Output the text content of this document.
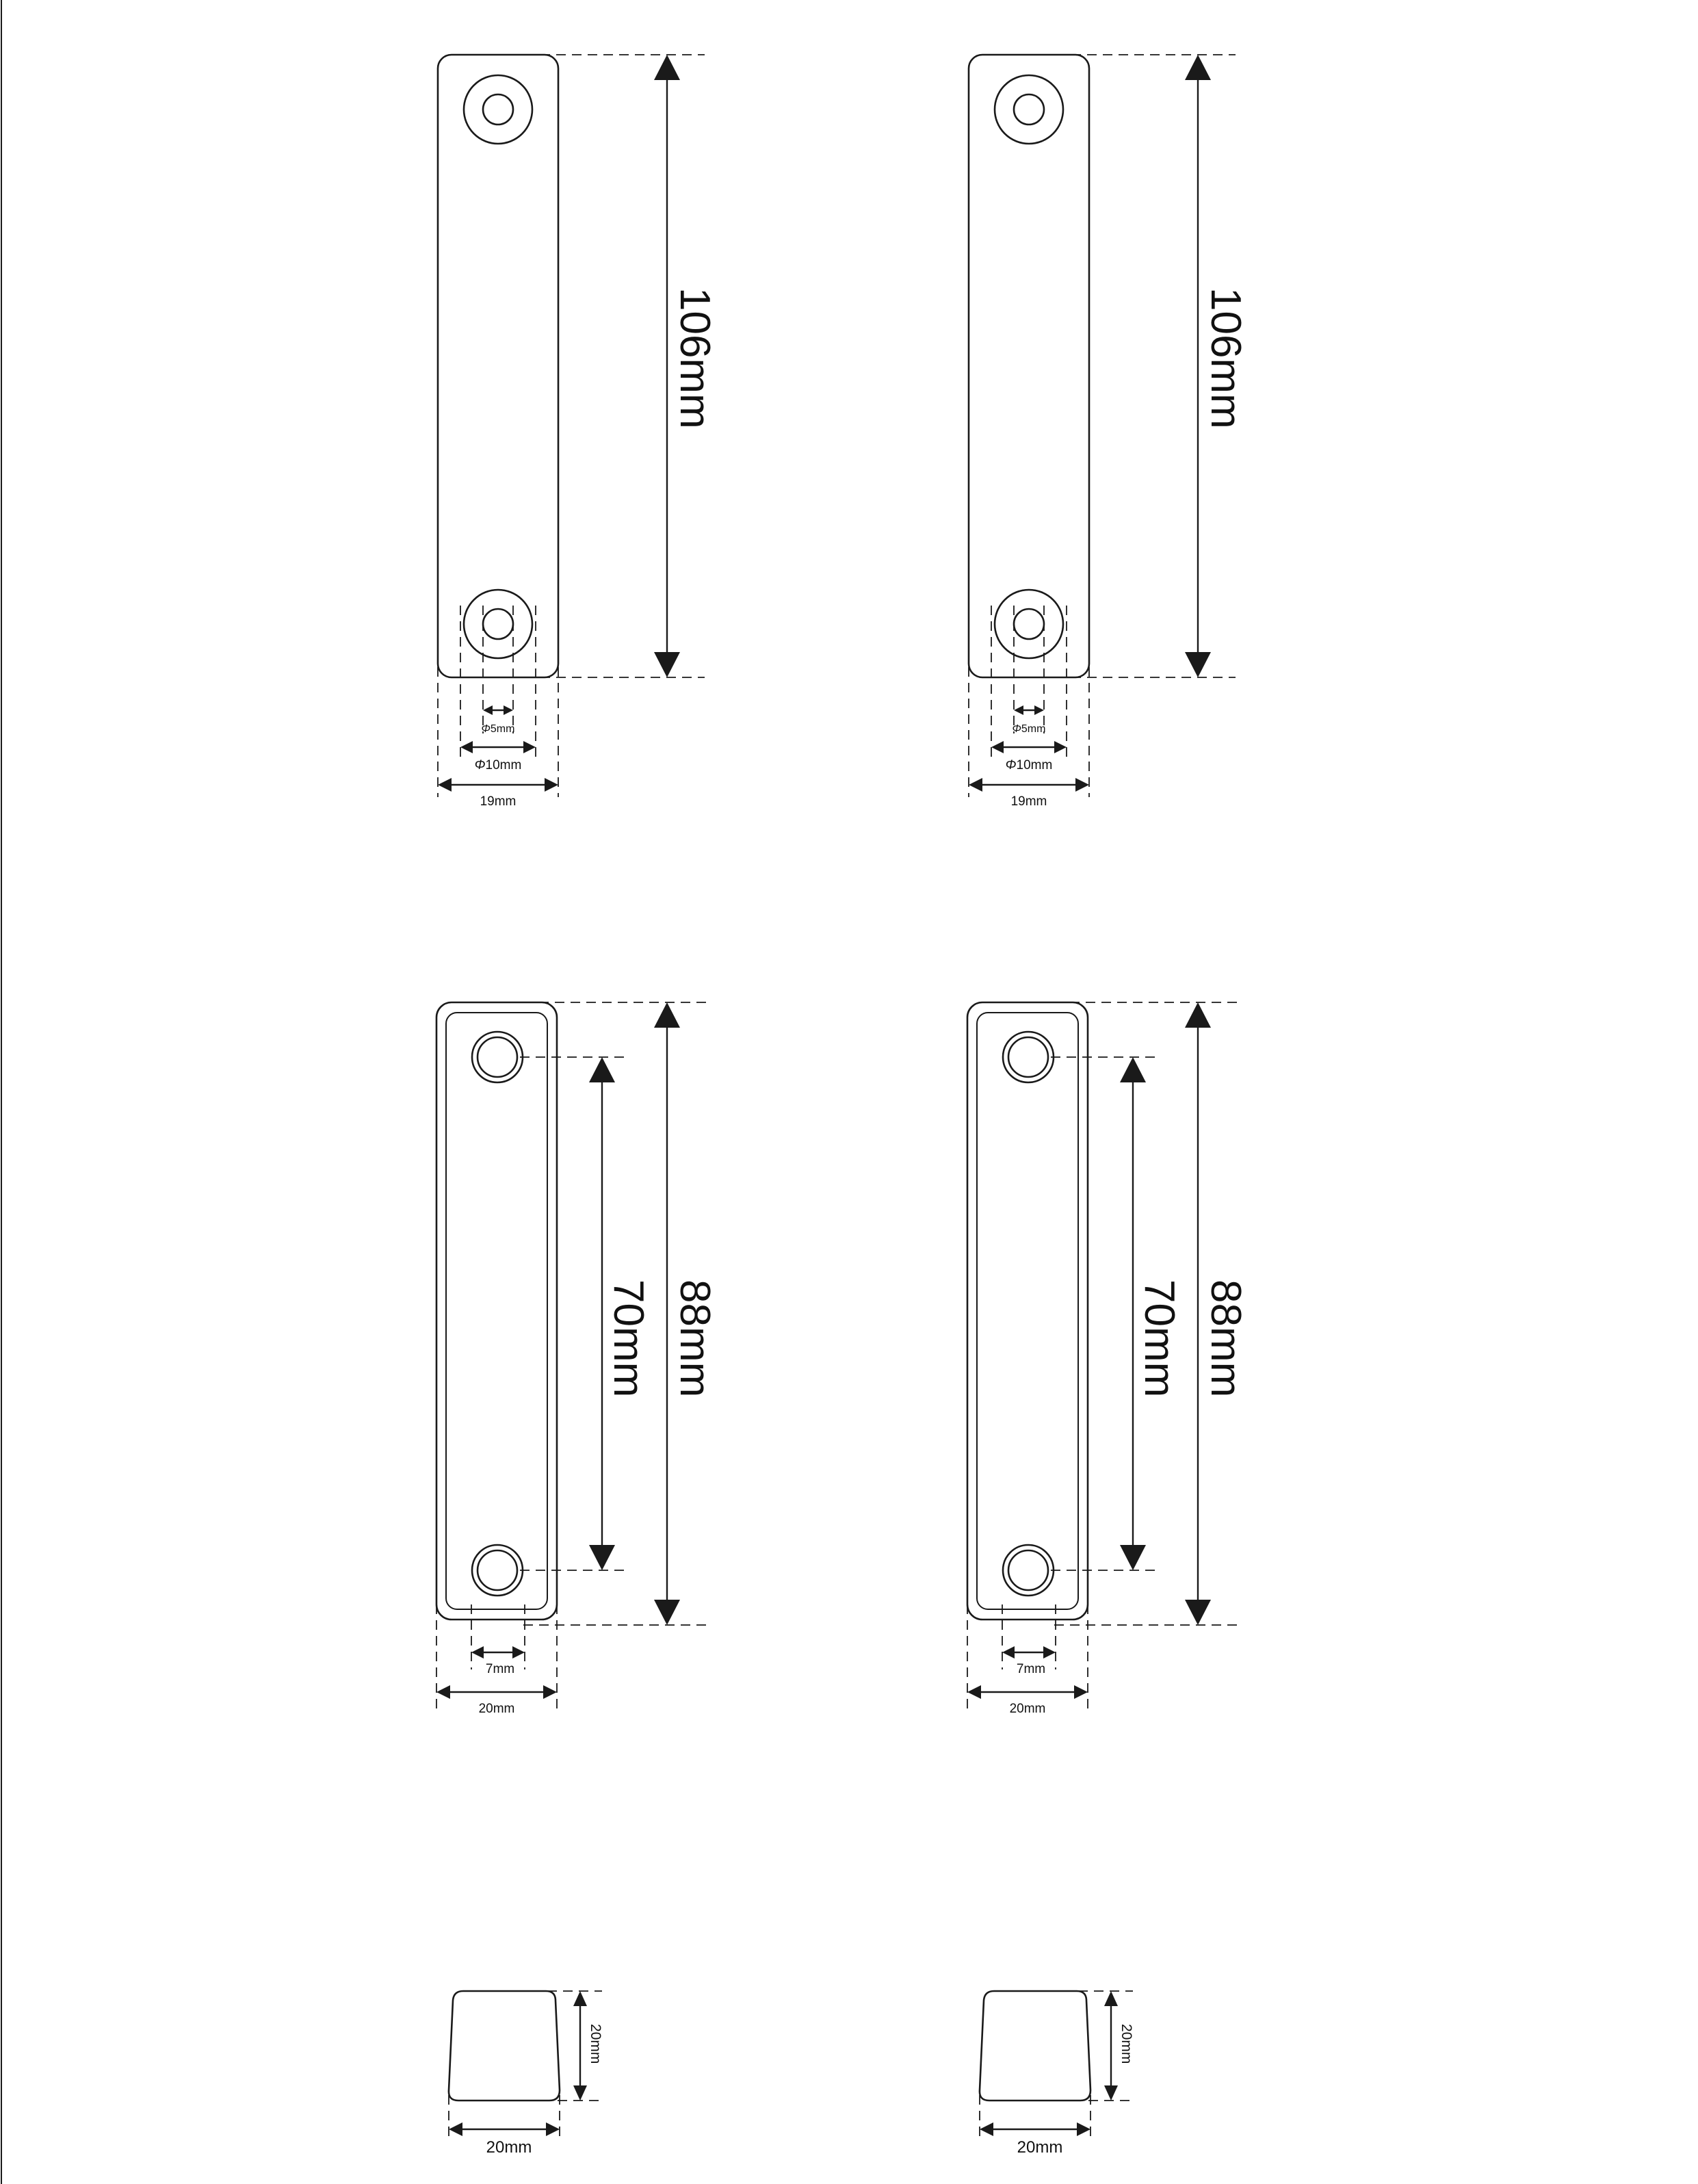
106mm
Φ5mm
Φ10mm
19mm
106mm
Φ5mm
Φ10mm
19mm
70mm 88mm
7mm
20mm
70mm 88mm
7mm
20mm
20mm
20mm
20mm
20mm
